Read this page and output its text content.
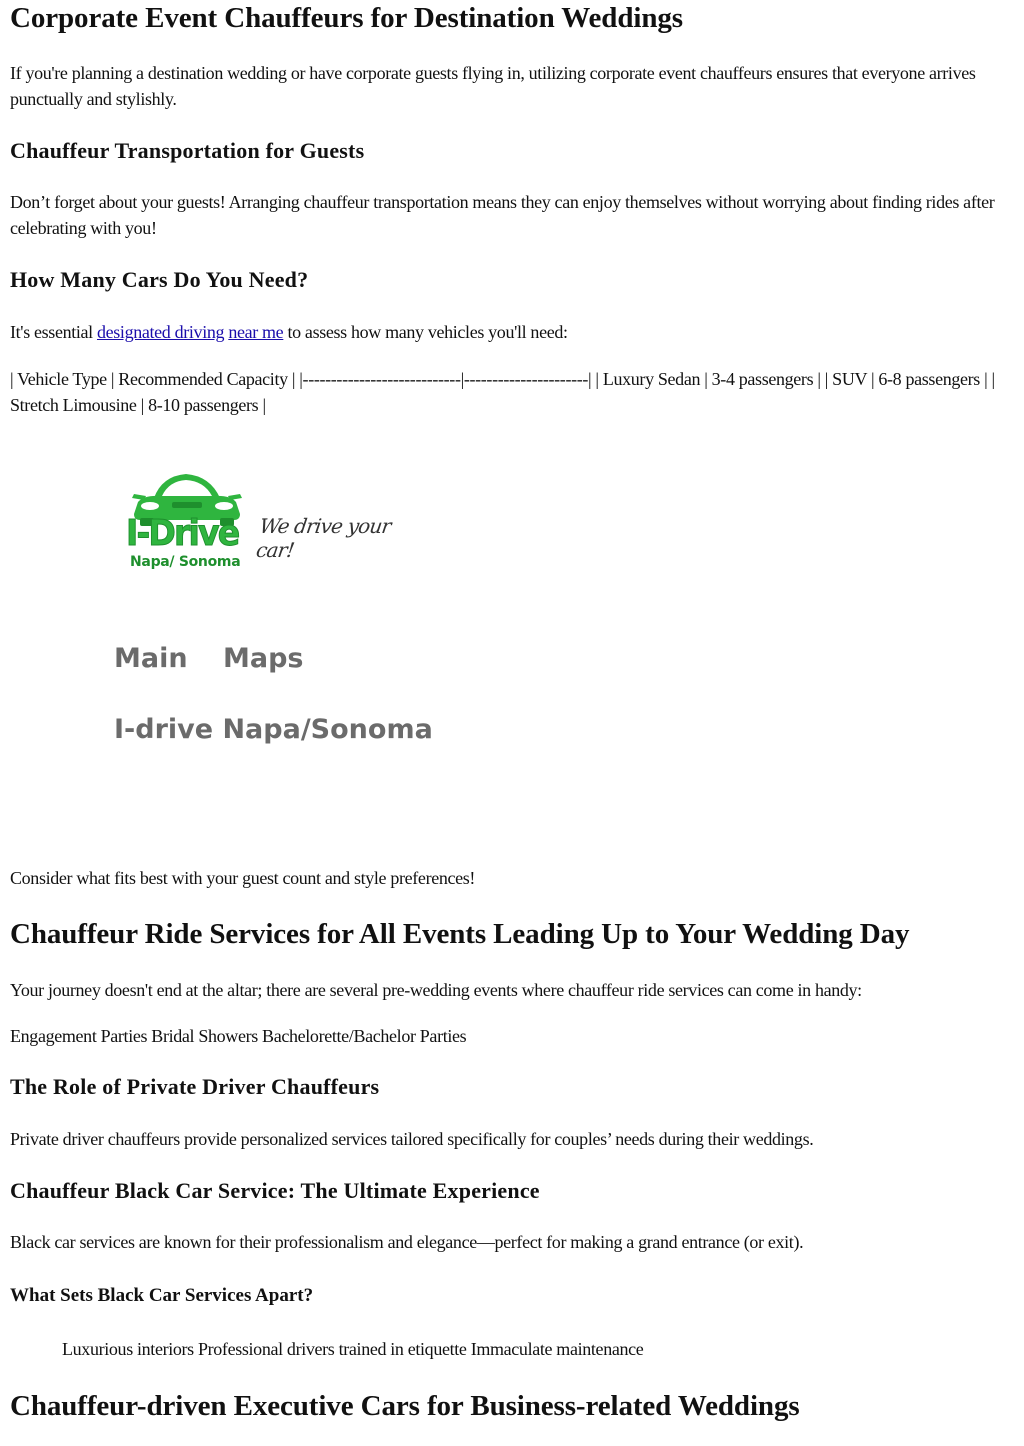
Corporate Event Chauffeurs for Destination Weddings

If you're planning a destination wedding or have corporate guests flying in, utilizing corporate event chauffeurs ensures that everyone arrives punctually and stylishly.

Chauffeur Transportation for Guests

Don’t forget about your guests! Arranging chauffeur transportation means they can enjoy themselves without worrying about finding rides after celebrating with you!

How Many Cars Do You Need?

It's essential designated driving near me to assess how many vehicles you'll need:

| Vehicle Type | Recommended Capacity | |----------------------------|----------------------| | Luxury Sedan | 3-4 passengers | | SUV | 6-8 passengers | | Stretch Limousine | 8-10 passengers |

I-Drive
Napa/ Sonoma
We drive your car!
Main Maps
I-drive Napa/Sonoma

Consider what fits best with your guest count and style preferences!

Chauffeur Ride Services for All Events Leading Up to Your Wedding Day

Your journey doesn't end at the altar; there are several pre-wedding events where chauffeur ride services can come in handy:

Engagement Parties Bridal Showers Bachelorette/Bachelor Parties

The Role of Private Driver Chauffeurs

Private driver chauffeurs provide personalized services tailored specifically for couples’ needs during their weddings.

Chauffeur Black Car Service: The Ultimate Experience

Black car services are known for their professionalism and elegance—perfect for making a grand entrance (or exit).

What Sets Black Car Services Apart?

Luxurious interiors Professional drivers trained in etiquette Immaculate maintenance

Chauffeur-driven Executive Cars for Business-related Weddings
